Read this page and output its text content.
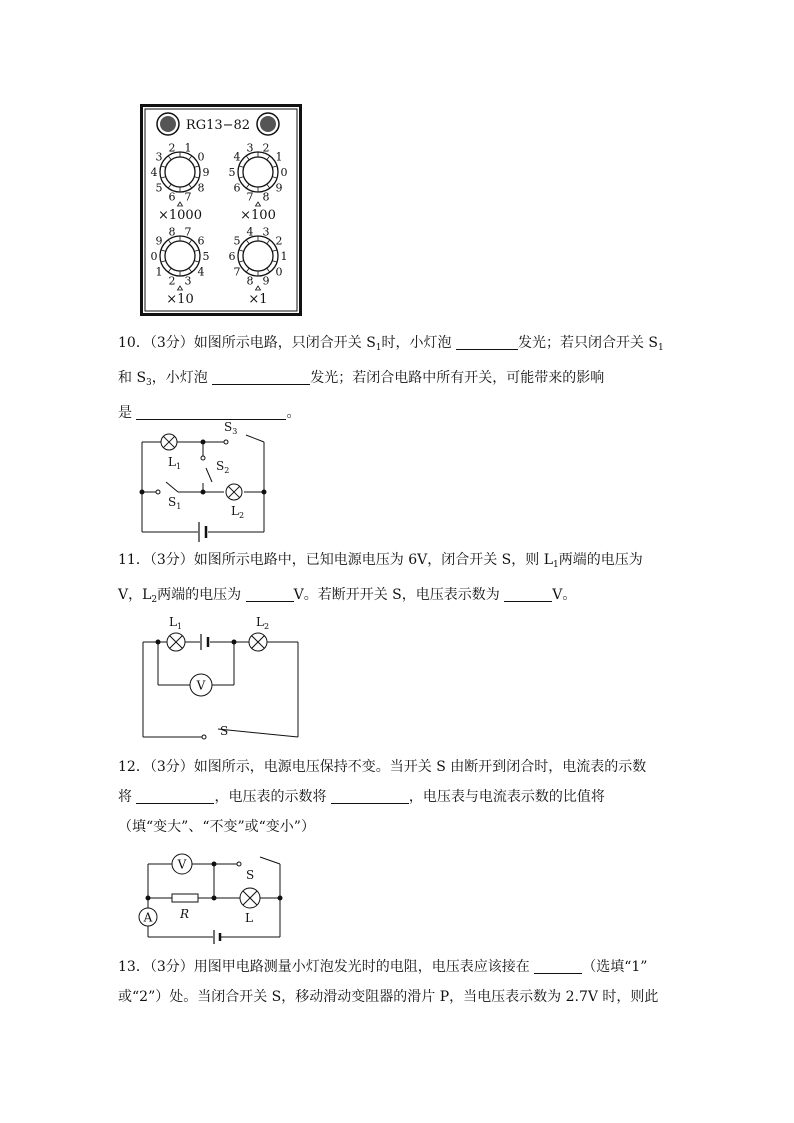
RG13−82
6
5
4
3
2 1
0
9
8
7
×1000
7
6
5
4
3 2
1
0
9
8
×100
2
1
0
9
8 7
6
5
4
3
×10
8
7
6
5
4 3
2
1
0
9
×1

10．（3分）如图所示电路，只闭合开关 $S_1$时，小灯泡	发光；若只闭合开关 $S_1$

和 $S_3$，小灯泡	发光；若闭合电路中所有开关，可能带来的影响

是	。

$L_1$	$S_2$
$S_3$
$S_1$	$L_2$

11．（3分）如图所示电路中，已知电源电压为 6V，闭合开关 S，则 $L_1$两端的电压为

V，$L_2$两端的电压为	V。若断开开关 S，电压表示数为	V。

V
$L_1$	$L_2$
S

12．（3分）如图所示，电源电压保持不变。当开关 S 由断开到闭合时，电流表的示数

将	，电压表的示数将	，电压表与电流表示数的比值将

（填“变大”、“不变”或“变小”）

V
A
S
R	L

13．（3分）用图甲电路测量小灯泡发光时的电阻，电压表应该接在	（选填“1”

或“2”）处。当闭合开关 S，移动滑动变阻器的滑片 P，当电压表示数为 2.7V 时，则此
